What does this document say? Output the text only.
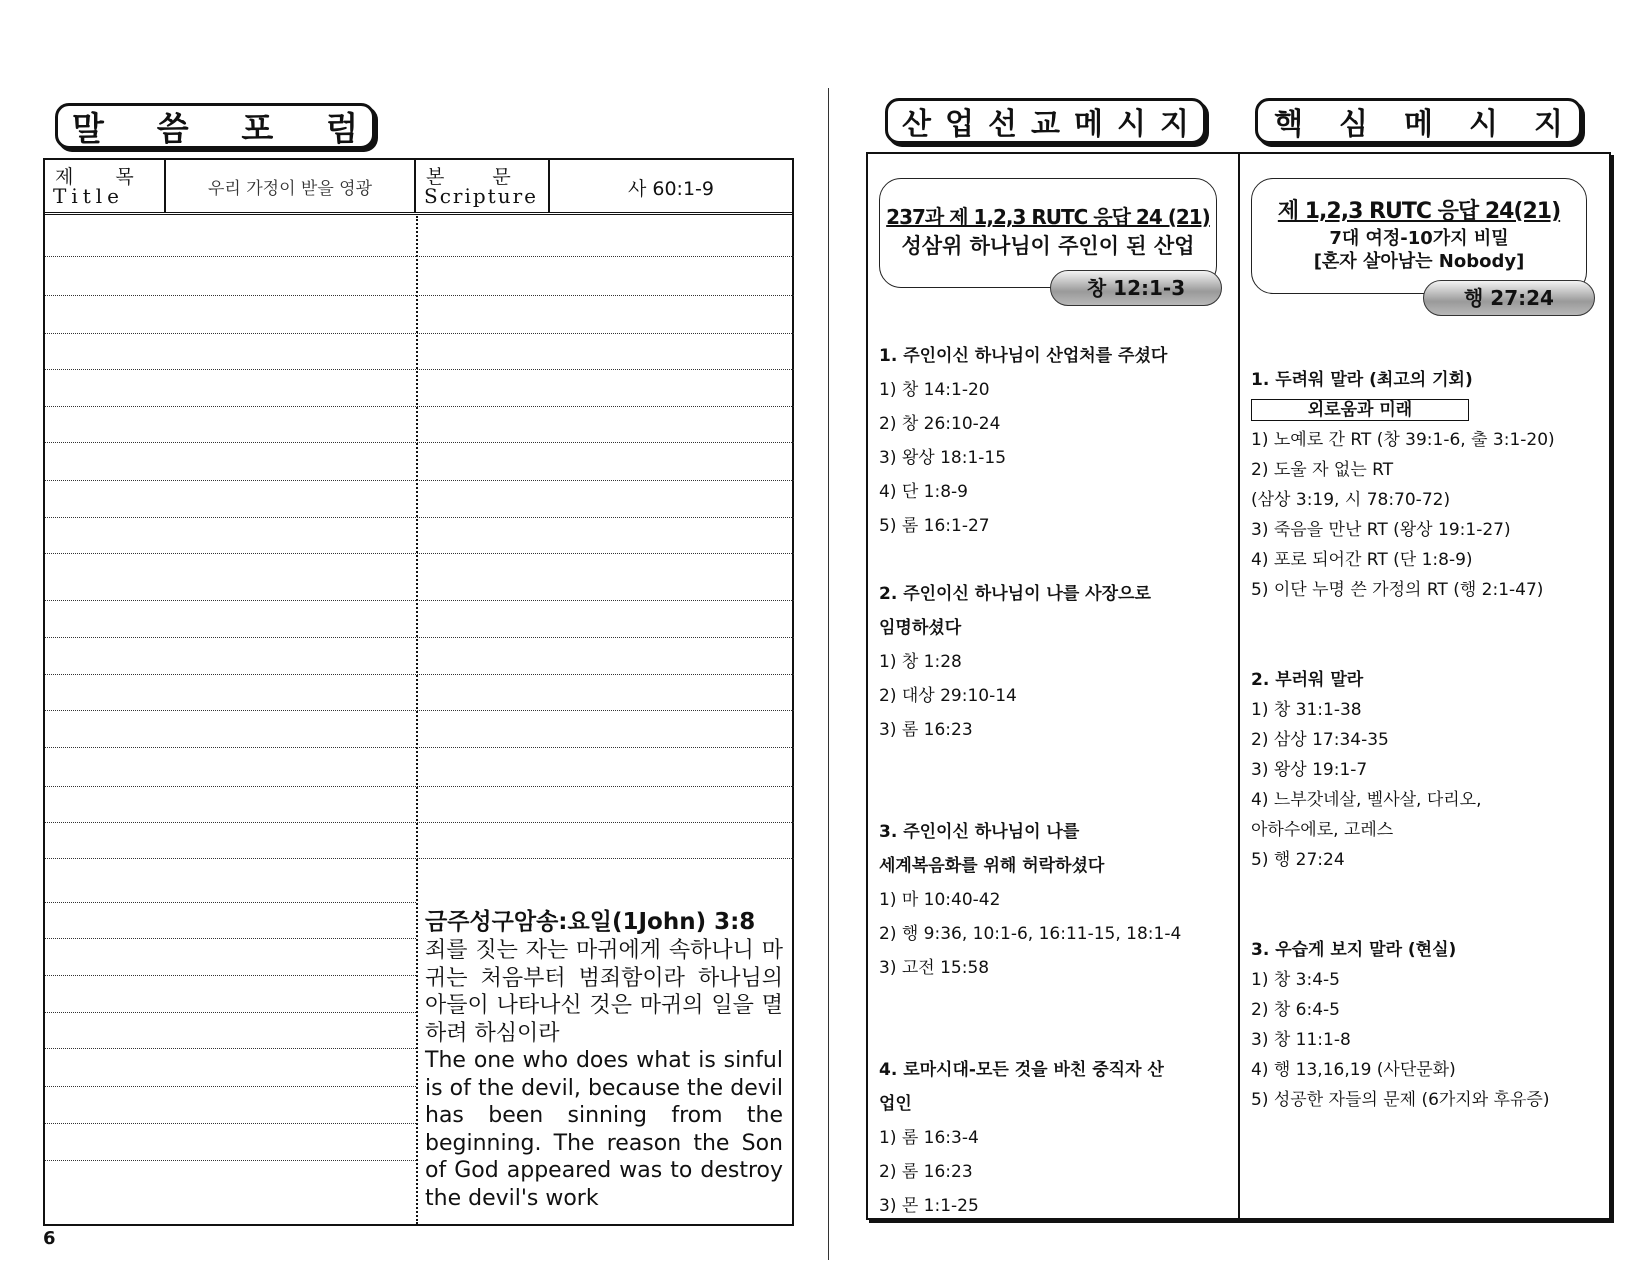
말 씀 포 럼
제  목
Title	우리 가정이 받을 영광
본  문
Scripture	사 60:1-9

금주성구암송:요일(1John) 3:8

죄를 짓는 자는 마귀에게 속하나니 마귀는 처음부터 범죄함이라 하나님의 아들이 나타나신 것은 마귀의 일을 멸하려 하심이라

The one who does what is sinful is of the devil, because the devil has been sinning from the beginning. The reason the Son of God appeared was to destroy the devil's work

6
산 업 선 교 메 시 지	핵 심 메 시 지
237과 제 1,2,3 RUTC 응답 24 (21)
성삼위 하나님이 주인이 된 산업
창 12:1-3
제 1,2,3 RUTC 응답 24(21)
7대 여정-10가지 비밀
[혼자 살아남는 Nobody]
행 27:24
1. 주인이신 하나님이 산업처를 주셨다
1) 창 14:1-20
2) 창 26:10-24
3) 왕상 18:1-15
4) 단 1:8-9
5) 롬 16:1-27

2. 주인이신 하나님이 나를 사장으로
임명하셨다
1) 창 1:28
2) 대상 29:10-14
3) 롬 16:23

3. 주인이신 하나님이 나를
세계복음화를 위해 허락하셨다
1) 마 10:40-42
2) 행 9:36, 10:1-6, 16:11-15, 18:1-4
3) 고전 15:58

4. 로마시대-모든 것을 바친 중직자 산
업인
1) 롬 16:3-4
2) 롬 16:23
3) 몬 1:1-25
1. 두려워 말라 (최고의 기회)
외로움과 미래
1) 노예로 간 RT (창 39:1-6, 출 3:1-20)
2) 도울 자 없는 RT
(삼상 3:19, 시 78:70-72)
3) 죽음을 만난 RT (왕상 19:1-27)
4) 포로 되어간 RT (단 1:8-9)
5) 이단 누명 쓴 가정의 RT (행 2:1-47)

2. 부러워 말라
1) 창 31:1-38
2) 삼상 17:34-35
3) 왕상 19:1-7
4) 느부갓네살, 벨사살, 다리오,
아하수에로, 고레스
5) 행 27:24

3. 우습게 보지 말라 (현실)
1) 창 3:4-5
2) 창 6:4-5
3) 창 11:1-8
4) 행 13,16,19 (사단문화)
5) 성공한 자들의 문제 (6가지와 후유증)
